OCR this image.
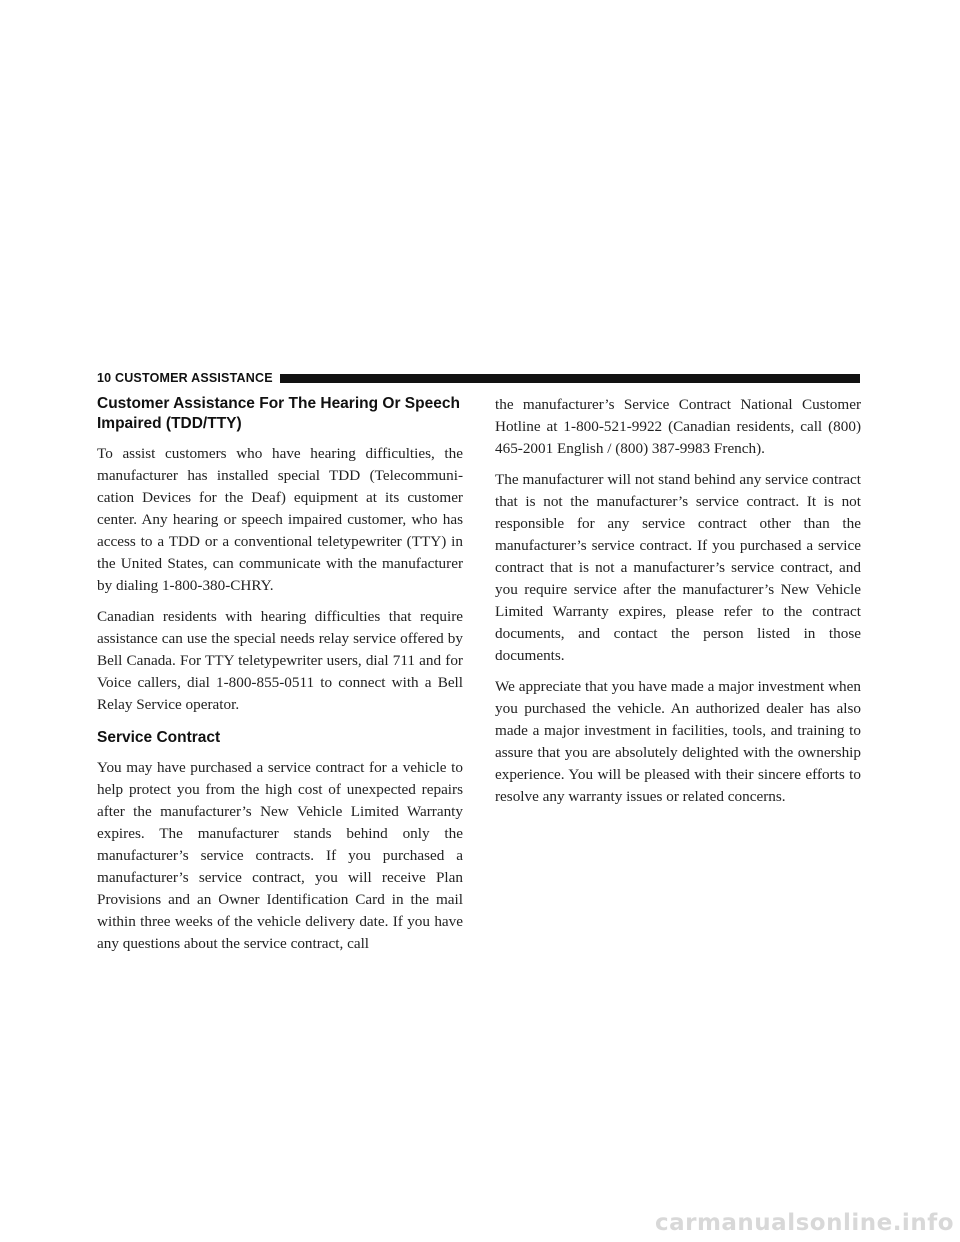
10 CUSTOMER ASSISTANCE
Customer Assistance For The Hearing Or Speech Impaired (TDD/TTY)

To assist customers who have hearing difficulties, the manufacturer has installed special TDD (Telecommunication Devices for the Deaf) equipment at its customer center. Any hearing or speech impaired customer, who has access to a TDD or a conventional teletypewriter (TTY) in the United States, can communicate with the manufacturer by dialing 1-800-380-CHRY.

Canadian residents with hearing difficulties that require assistance can use the special needs relay service offered by Bell Canada. For TTY teletypewriter users, dial 711 and for Voice callers, dial 1-800-855-0511 to connect with a Bell Relay Service operator.

Service Contract

You may have purchased a service contract for a vehicle to help protect you from the high cost of unexpected repairs after the manufacturer’s New Vehicle Limited Warranty expires. The manufacturer stands behind only the manufacturer’s service contracts. If you purchased a manufacturer’s service contract, you will receive Plan Provisions and an Owner Identification Card in the mail within three weeks of the vehicle delivery date. If you have any questions about the service contract, call

the manufacturer’s Service Contract National Customer Hotline at 1-800-521-9922 (Canadian residents, call (800) 465-2001 English / (800) 387-9983 French).

The manufacturer will not stand behind any service contract that is not the manufacturer’s service contract. It is not responsible for any service contract other than the manufacturer’s service contract. If you purchased a service contract that is not a manufacturer’s service contract, and you require service after the manufacturer’s New Vehicle Limited Warranty expires, please refer to the contract documents, and contact the person listed in those documents.

We appreciate that you have made a major investment when you purchased the vehicle. An authorized dealer has also made a major investment in facilities, tools, and training to assure that you are absolutely delighted with the ownership experience. You will be pleased with their sincere efforts to resolve any warranty issues or related concerns.

carmanualsonline.info
